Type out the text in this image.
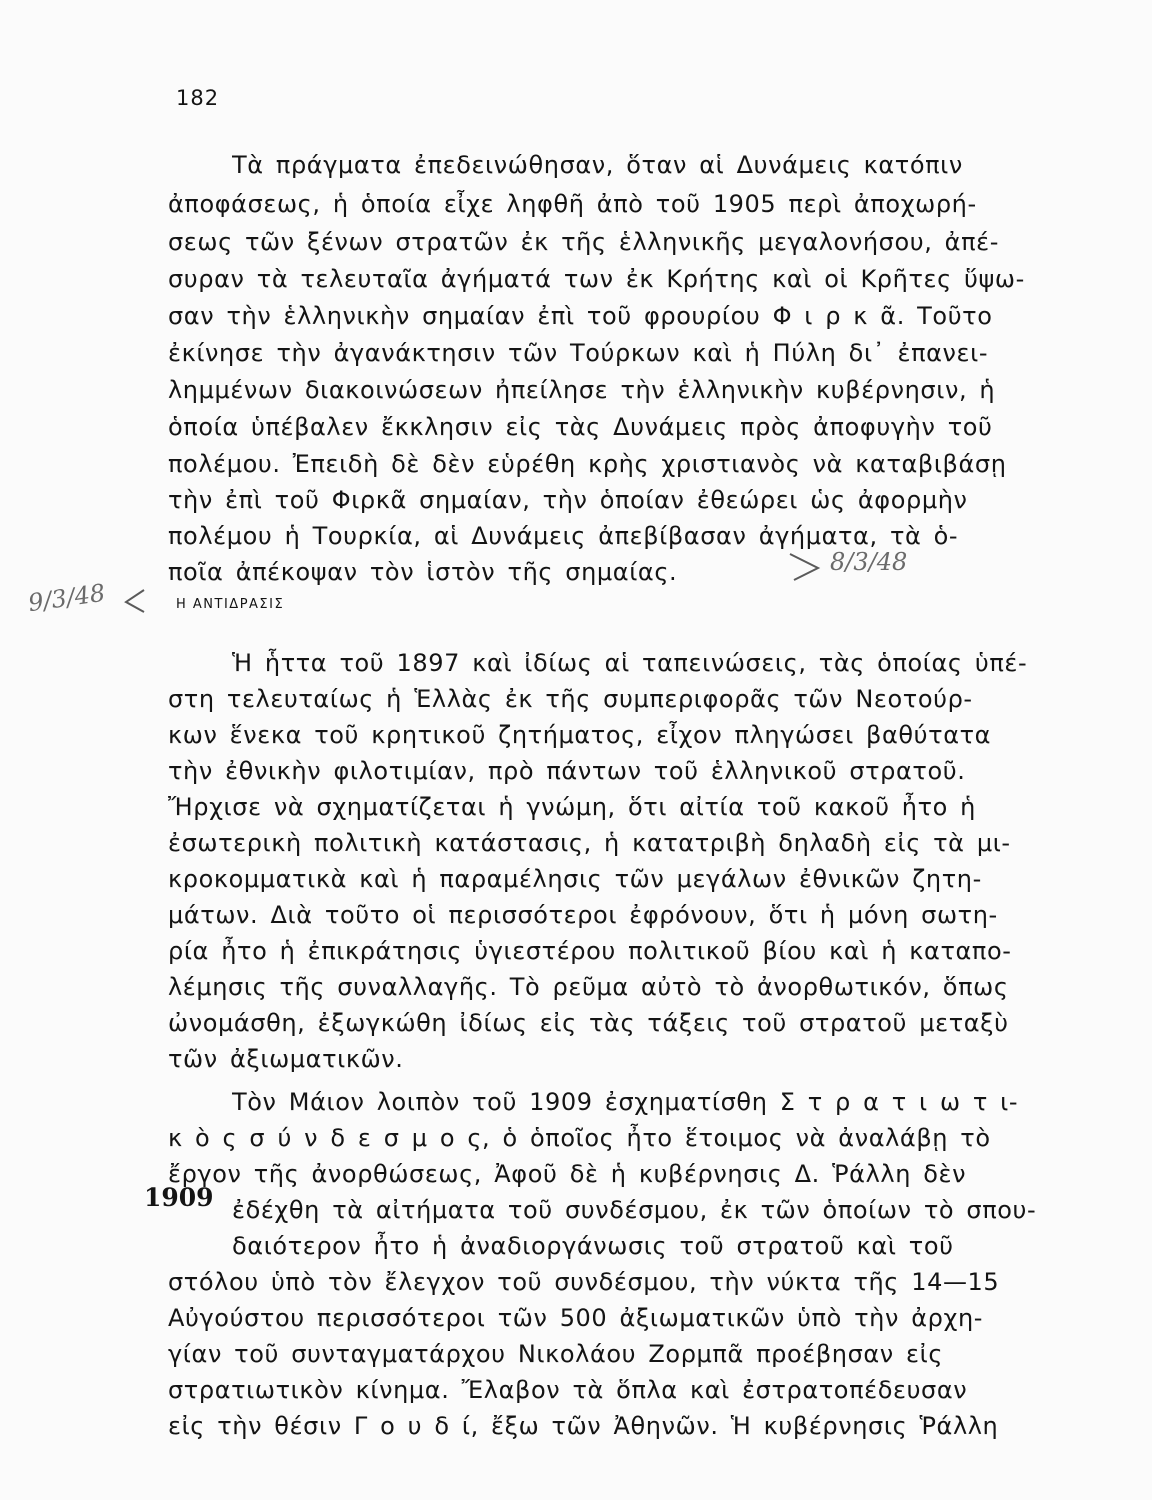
182
Τὰ πράγματα ἐπεδεινώθησαν, ὅταν αἱ Δυνάμεις κατόπιν
ἀποφάσεως, ἡ ὁποία εἶχε ληφθῆ ἀπὸ τοῦ 1905 περὶ ἀποχωρή-
σεως τῶν ξένων στρατῶν ἐκ τῆς ἑλληνικῆς μεγαλονήσου, ἀπέ-
συραν τὰ τελευταῖα ἀγήματά των ἐκ Κρήτης καὶ οἱ Κρῆτες ὕψω-
σαν τὴν ἑλληνικὴν σημαίαν ἐπὶ τοῦ φρουρίου Φ ι ρ κ ᾶ. Τοῦτο
ἐκίνησε τὴν ἀγανάκτησιν τῶν Τούρκων καὶ ἡ Πύλη δι᾽ ἐπανει-
λημμένων διακοινώσεων ἠπείλησε τὴν ἑλληνικὴν κυβέρνησιν, ἡ
ὁποία ὑπέβαλεν ἔκκλησιν εἰς τὰς Δυνάμεις πρὸς ἀποφυγὴν τοῦ
πολέμου. Ἐπειδὴ δὲ δὲν εὑρέθη κρὴς χριστιανὸς νὰ καταβιβάσῃ
τὴν ἐπὶ τοῦ Φιρκᾶ σημαίαν, τὴν ὁποίαν ἐθεώρει ὡς ἀφορμὴν
πολέμου ἡ Τουρκία, αἱ Δυνάμεις ἀπεβίβασαν ἀγήματα, τὰ ὁ-
ποῖα ἀπέκοψαν τὸν ἱστὸν τῆς σημαίας.	8/3/48
9/3/48	Η ΑΝΤΙΔΡΑΣΙΣ
Ἡ ἧττα τοῦ 1897 καὶ ἰδίως αἱ ταπεινώσεις, τὰς ὁποίας ὑπέ-
στη τελευταίως ἡ Ἑλλὰς ἐκ τῆς συμπεριφορᾶς τῶν Νεοτούρ-
κων ἕνεκα τοῦ κρητικοῦ ζητήματος, εἶχον πληγώσει βαθύτατα
τὴν ἐθνικὴν φιλοτιμίαν, πρὸ πάντων τοῦ ἑλληνικοῦ στρατοῦ.
Ἤρχισε νὰ σχηματίζεται ἡ γνώμη, ὅτι αἰτία τοῦ κακοῦ ἦτο ἡ
ἐσωτερικὴ πολιτικὴ κατάστασις, ἡ κατατριβὴ δηλαδὴ εἰς τὰ μι-
κροκομματικὰ καὶ ἡ παραμέλησις τῶν μεγάλων ἐθνικῶν ζητη-
μάτων. Διὰ τοῦτο οἱ περισσότεροι ἐφρόνουν, ὅτι ἡ μόνη σωτη-
ρία ἦτο ἡ ἐπικράτησις ὑγιεστέρου πολιτικοῦ βίου καὶ ἡ καταπο-
λέμησις τῆς συναλλαγῆς. Τὸ ρεῦμα αὐτὸ τὸ ἀνορθωτικόν, ὅπως
ὠνομάσθη, ἐξωγκώθη ἰδίως εἰς τὰς τάξεις τοῦ στρατοῦ μεταξὺ
τῶν ἀξιωματικῶν.
Τὸν Μάιον λοιπὸν τοῦ 1909 ἐσχηματίσθη Σ τ ρ α τ ι ω τ ι-
κ ὸ ς σ ύ ν δ ε σ μ ο ς, ὁ ὁποῖος ἦτο ἕτοιμος νὰ ἀναλάβῃ τὸ
ἔργον τῆς ἀνορθώσεως, Ἀφοῦ δὲ ἡ κυβέρνησις Δ. Ῥάλλη δὲν
ἐδέχθη τὰ αἰτήματα τοῦ συνδέσμου, ἐκ τῶν ὁποίων τὸ σπου-
δαιότερον ἦτο ἡ ἀναδιοργάνωσις τοῦ στρατοῦ καὶ τοῦ
στόλου ὑπὸ τὸν ἔλεγχον τοῦ συνδέσμου, τὴν νύκτα τῆς 14—15
Αὐγούστου περισσότεροι τῶν 500 ἀξιωματικῶν ὑπὸ τὴν ἀρχη-
γίαν τοῦ συνταγματάρχου Νικολάου Ζορμπᾶ προέβησαν εἰς
στρατιωτικὸν κίνημα. Ἔλαβον τὰ ὅπλα καὶ ἐστρατοπέδευσαν
εἰς τὴν θέσιν Γ ο υ δ ί, ἔξω τῶν Ἀθηνῶν. Ἡ κυβέρνησις Ῥάλλη
1909
